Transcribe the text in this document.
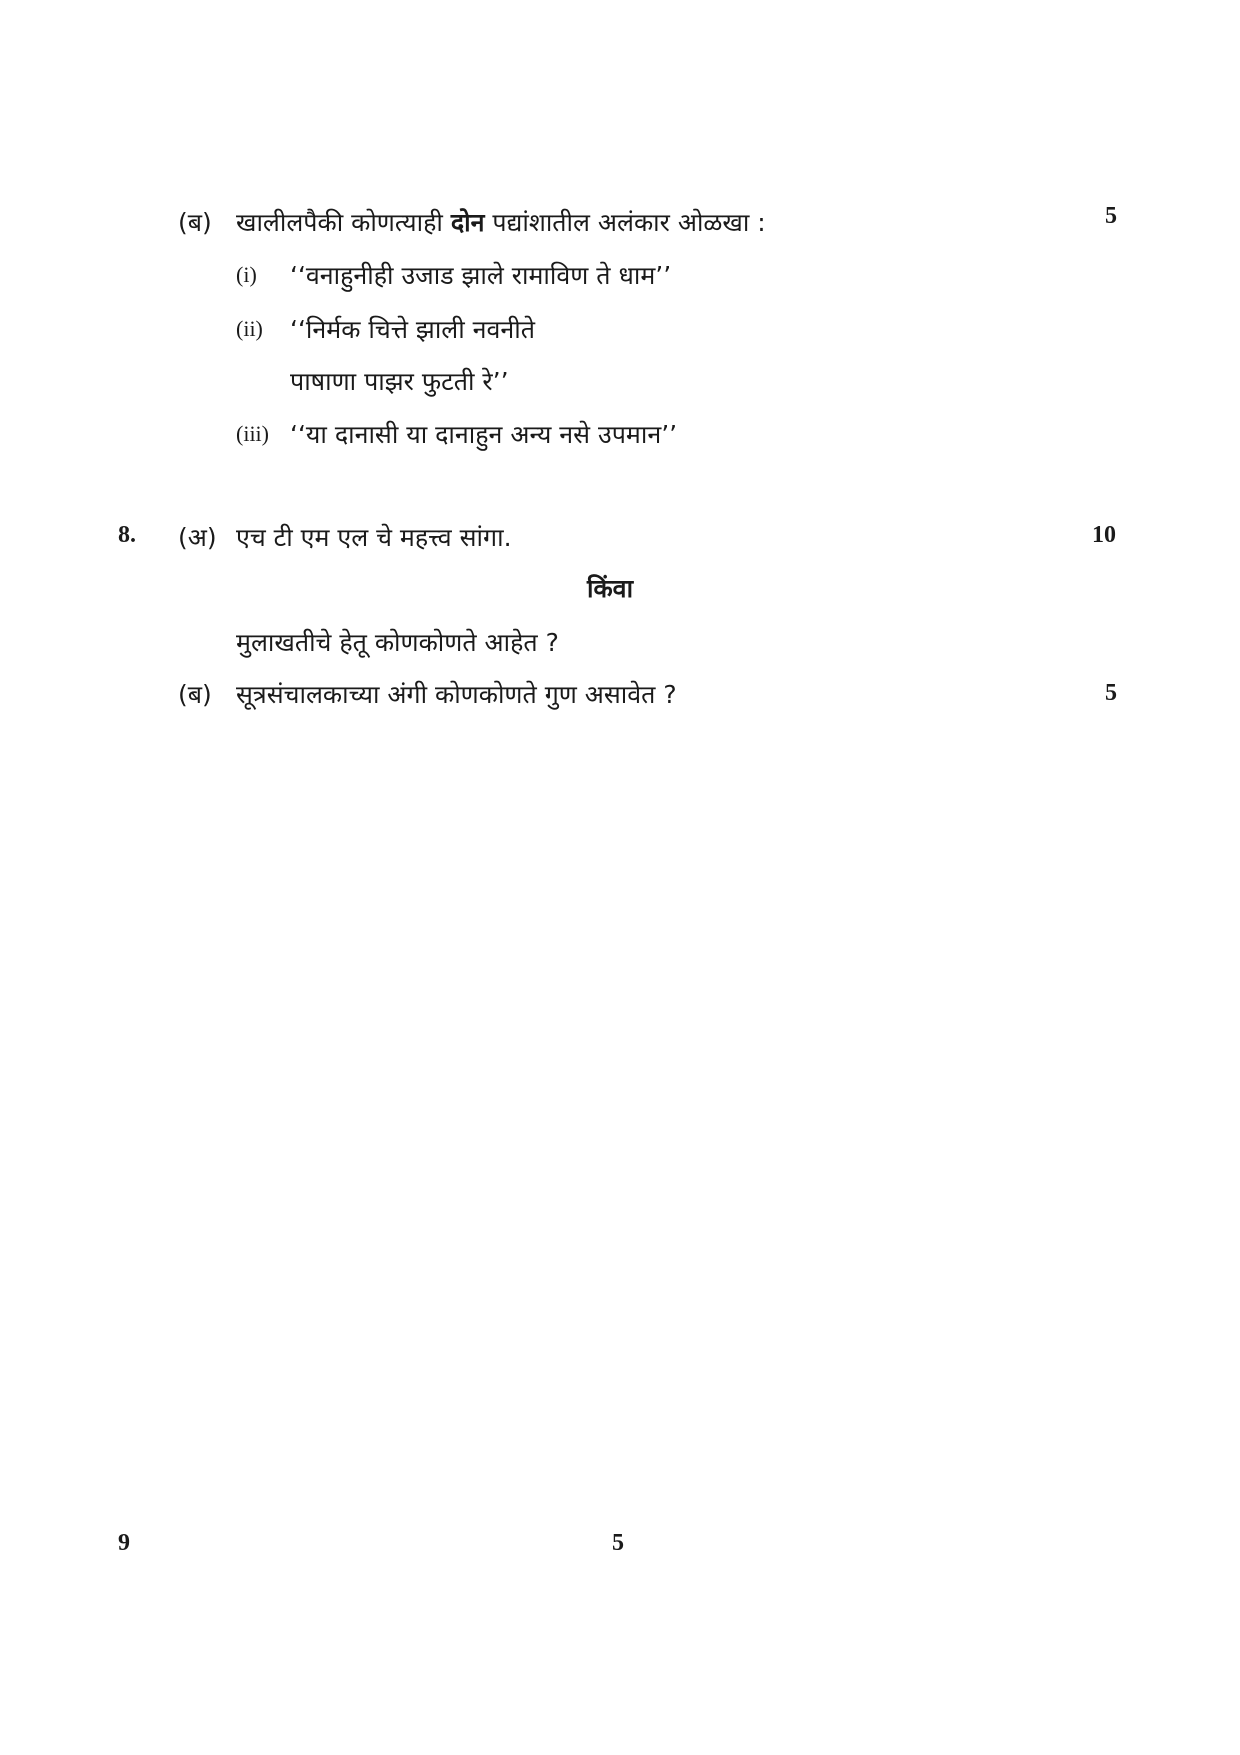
(ब) खालीलपैकी कोणत्याही दोन पद्यांशातील अलंकार ओळखा :	5
(i) ‘‘वनाहुनीही उजाड झाले रामाविण ते धाम’’
(ii) ‘‘निर्मक चित्ते झाली नवनीते
पाषाणा पाझर फुटती रे’’
(iii) ‘‘या दानासी या दानाहुन अन्य नसे उपमान’’
8. (अ) एच टी एम एल चे महत्त्व सांगा.	10
किंवा
मुलाखतीचे हेतू कोणकोणते आहेत ?
(ब) सूत्रसंचालकाच्या अंगी कोणकोणते गुण असावेत ?	5
9	5
